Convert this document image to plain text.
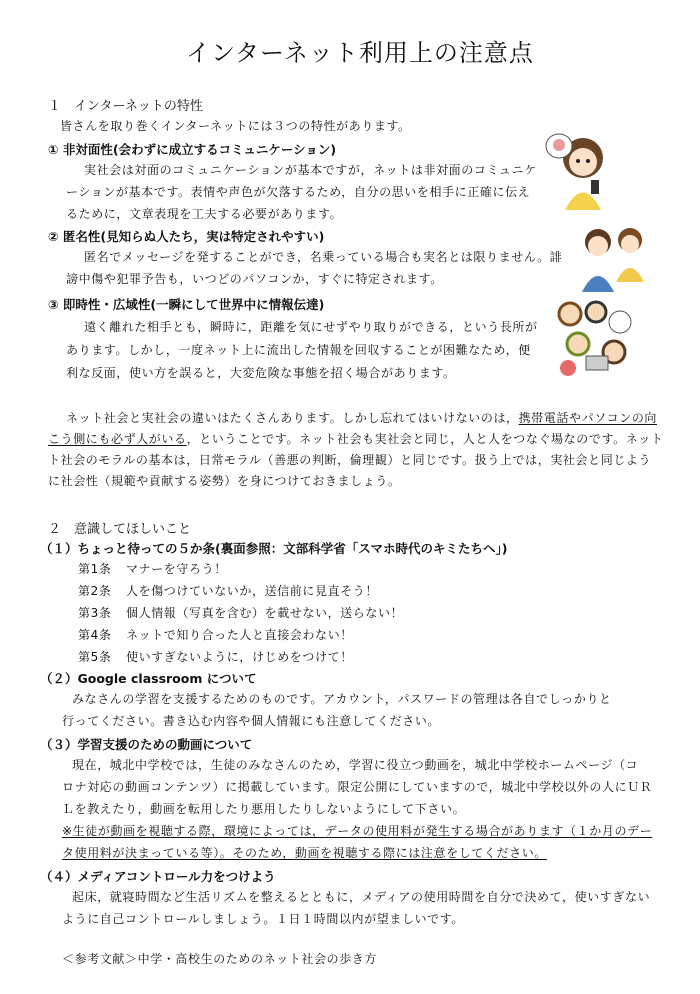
インターネット利用上の注意点
１　インターネットの特性
皆さんを取り巻くインターネットには３つの特性があります。
① 非対面性(会わずに成立するコミュニケーション)
実社会は対面のコミュニケーションが基本ですが，ネットは非対面のコミュニケ
ーションが基本です。表情や声色が欠落するため，自分の思いを相手に正確に伝え
るために，文章表現を工夫する必要があります。
② 匿名性(見知らぬ人たち，実は特定されやすい)
匿名でメッセージを発することができ，名乗っている場合も実名とは限りません。誹
謗中傷や犯罪予告も，いつどのパソコンか，すぐに特定されます。
③ 即時性・広域性(一瞬にして世界中に情報伝達)
遠く離れた相手とも，瞬時に，距離を気にせずやり取りができる，という長所が
あります。しかし，一度ネット上に流出した情報を回収することが困難なため，便
利な反面，使い方を誤ると，大変危険な事態を招く場合があります。
ネット社会と実社会の違いはたくさんあります。しかし忘れてはいけないのは，携帯電話やパソコンの向
こう側にも必ず人がいる，ということです。ネット社会も実社会と同じ，人と人をつなぐ場なのです。ネット
ト社会のモラルの基本は，日常モラル（善悪の判断，倫理観）と同じです。扱う上では，実社会と同じよう
に社会性（規範や貢献する姿勢）を身につけておきましょう。
２　意識してほしいこと
（１）ちょっと待っての５か条(裏面参照：文部科学省「スマホ時代のキミたちへ」)
第1条 マナーを守ろう！
第2条 人を傷つけていないか，送信前に見直そう！
第3条 個人情報（写真を含む）を載せない，送らない！
第4条 ネットで知り合った人と直接会わない！
第5条 使いすぎないように，けじめをつけて！
（２）Google classroom について
みなさんの学習を支援するためのものです。アカウント，パスワードの管理は各自でしっかりと
行ってください。書き込む内容や個人情報にも注意してください。
（３）学習支援のための動画について
現在，城北中学校では，生徒のみなさんのため，学習に役立つ動画を，城北中学校ホームページ（コ
ロナ対応の動画コンテンツ）に掲載しています。限定公開にしていますので，城北中学校以外の人にＵＲ
Ｌを教えたり，動画を転用したり悪用したりしないようにして下さい。
※生徒が動画を視聴する際，環境によっては，データの使用料が発生する場合があります（１か月のデー
タ使用料が決まっている等）。そのため，動画を視聴する際には注意をしてください。
（４）メディアコントロール力をつけよう
起床，就寝時間など生活リズムを整えるとともに，メディアの使用時間を自分で決めて，使いすぎない
ように自己コントロールしましょう。１日１時間以内が望ましいです。
＜参考文献＞中学・高校生のためのネット社会の歩き方
